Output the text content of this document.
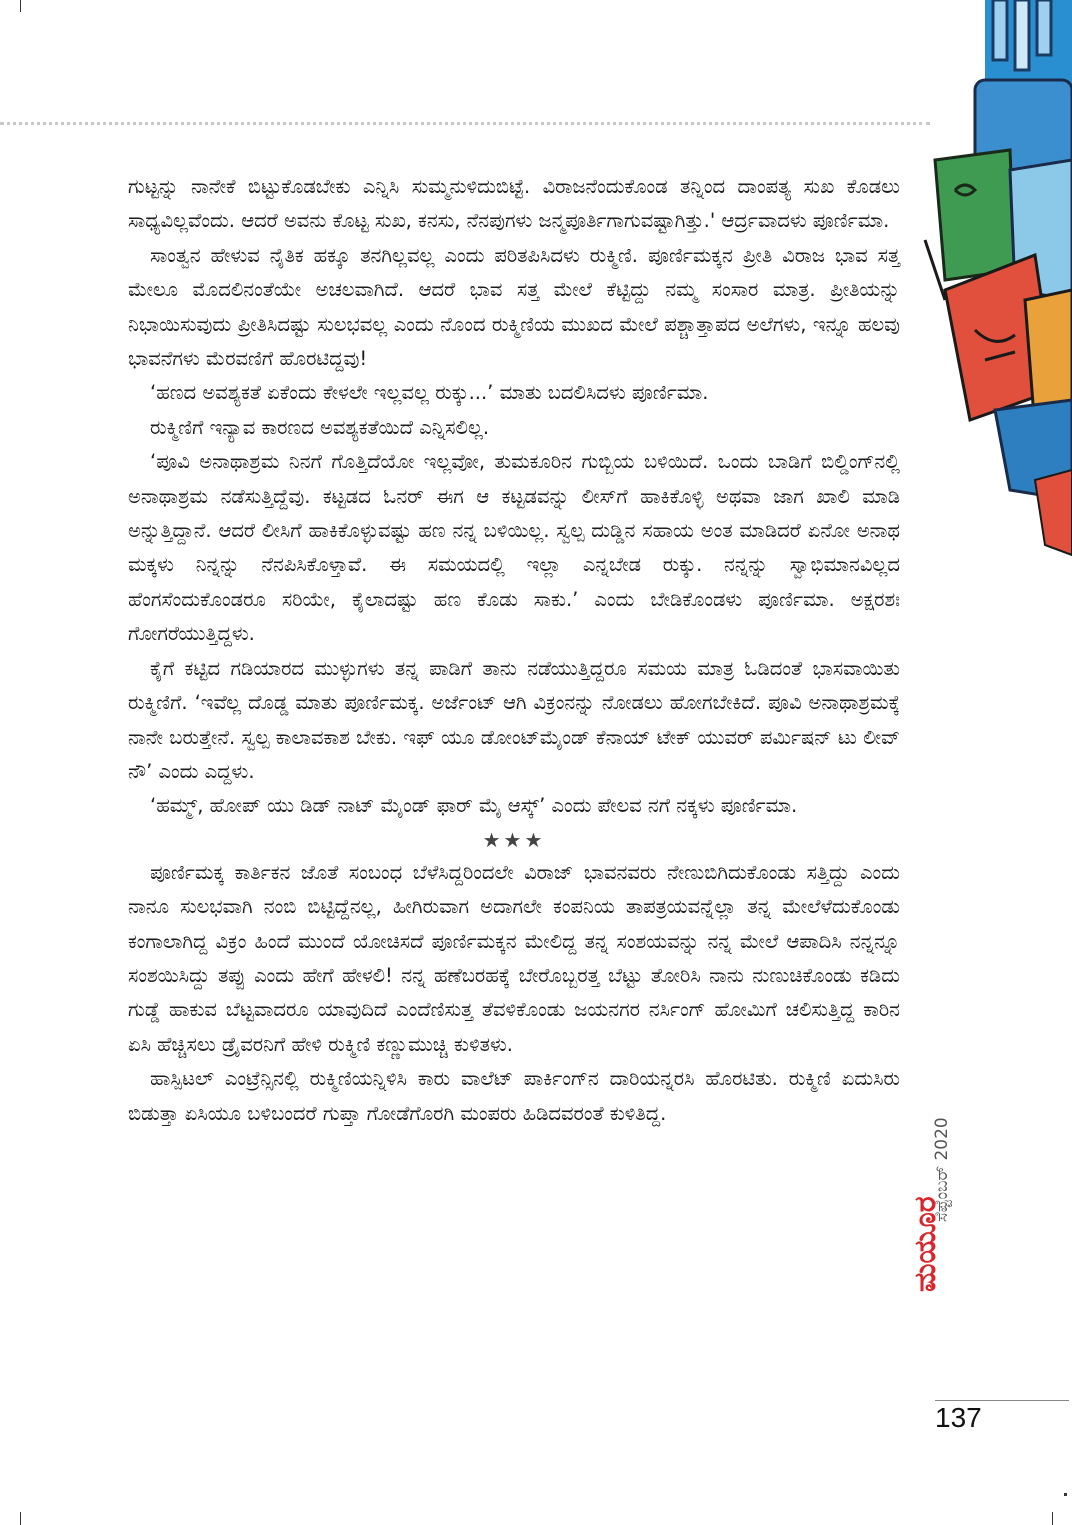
ಗುಟ್ಟನ್ನು ನಾನೇಕೆ ಬಿಟ್ಟುಕೊಡಬೇಕು ಎನ್ನಿಸಿ ಸುಮ್ಮನುಳಿದುಬಿಟ್ಟೆ. ವಿರಾಜನೆಂದುಕೊಂಡ ತನ್ನಿಂದ ದಾಂಪತ್ಯ ಸುಖ ಕೊಡಲು ಸಾಧ್ಯವಿಲ್ಲವೆಂದು. ಆದರೆ ಅವನು ಕೊಟ್ಟ ಸುಖ, ಕನಸು, ನೆನಪುಗಳು ಜನ್ಮಪೂರ್ತಿಗಾಗುವಷ್ಟಾಗಿತ್ತು.' ಆರ್ದ್ರವಾದಳು ಪೂರ್ಣಿಮಾ.

ಸಾಂತ್ವನ ಹೇಳುವ ನೈತಿಕ ಹಕ್ಕೂ ತನಗಿಲ್ಲವಲ್ಲ ಎಂದು ಪರಿತಪಿಸಿದಳು ರುಕ್ಮಿಣಿ. ಪೂರ್ಣಿಮಕ್ಕನ ಪ್ರೀತಿ ವಿರಾಜ ಭಾವ ಸತ್ತ ಮೇಲೂ ಮೊದಲಿನಂತೆಯೇ ಅಚಲವಾಗಿದೆ. ಆದರೆ ಭಾವ ಸತ್ತ ಮೇಲೆ ಕೆಟ್ಟಿದ್ದು ನಮ್ಮ ಸಂಸಾರ ಮಾತ್ರ. ಪ್ರೀತಿಯನ್ನು ನಿಭಾಯಿಸುವುದು ಪ್ರೀತಿಸಿದಷ್ಟು ಸುಲಭವಲ್ಲ ಎಂದು ನೊಂದ ರುಕ್ಮಿಣಿಯ ಮುಖದ ಮೇಲೆ ಪಶ್ಚಾತ್ತಾಪದ ಅಲೆಗಳು, ಇನ್ನೂ ಹಲವು ಭಾವನೆಗಳು ಮೆರವಣಿಗೆ ಹೊರಟಿದ್ದವು!

‘ಹಣದ ಅವಶ್ಯಕತೆ ಏಕೆಂದು ಕೇಳಲೇ ಇಲ್ಲವಲ್ಲ ರುಕ್ಕು...’ ಮಾತು ಬದಲಿಸಿದಳು ಪೂರ್ಣಿಮಾ.

ರುಕ್ಮಿಣಿಗೆ ಇನ್ಯಾವ ಕಾರಣದ ಅವಶ್ಯಕತೆಯಿದೆ ಎನ್ನಿಸಲಿಲ್ಲ.

‘ಪೂವಿ ಅನಾಥಾಶ್ರಮ ನಿನಗೆ ಗೊತ್ತಿದೆಯೋ ಇಲ್ಲವೋ, ತುಮಕೂರಿನ ಗುಬ್ಬಿಯ ಬಳಿಯಿದೆ. ಒಂದು ಬಾಡಿಗೆ ಬಿಲ್ಡಿಂಗ್‌ನಲ್ಲಿ ಅನಾಥಾಶ್ರಮ ನಡೆಸುತ್ತಿದ್ದೆವು. ಕಟ್ಟಡದ ಓನರ್ ಈಗ ಆ ಕಟ್ಟಡವನ್ನು ಲೀಸ್‌ಗೆ ಹಾಕಿಕೊಳ್ಳಿ ಅಥವಾ ಜಾಗ ಖಾಲಿ ಮಾಡಿ ಅನ್ನುತ್ತಿದ್ದಾನೆ. ಆದರೆ ಲೀಸಿಗೆ ಹಾಕಿಕೊಳ್ಳುವಷ್ಟು ಹಣ ನನ್ನ ಬಳಿಯಿಲ್ಲ. ಸ್ವಲ್ಪ ದುಡ್ಡಿನ ಸಹಾಯ ಅಂತ ಮಾಡಿದರೆ ಏನೋ ಅನಾಥ ಮಕ್ಕಳು ನಿನ್ನನ್ನು ನೆನಪಿಸಿಕೊಳ್ತಾವೆ. ಈ ಸಮಯದಲ್ಲಿ ಇಲ್ಲಾ ಎನ್ನಬೇಡ ರುಕ್ಕು. ನನ್ನನ್ನು ಸ್ವಾಭಿಮಾನವಿಲ್ಲದ ಹೆಂಗಸೆಂದುಕೊಂಡರೂ ಸರಿಯೇ, ಕೈಲಾದಷ್ಟು ಹಣ ಕೊಡು ಸಾಕು.’ ಎಂದು ಬೇಡಿಕೊಂಡಳು ಪೂರ್ಣಿಮಾ. ಅಕ್ಷರಶಃ ಗೋಗರೆಯುತ್ತಿದ್ದಳು.

ಕೈಗೆ ಕಟ್ಟಿದ ಗಡಿಯಾರದ ಮುಳ್ಳುಗಳು ತನ್ನ ಪಾಡಿಗೆ ತಾನು ನಡೆಯುತ್ತಿದ್ದರೂ ಸಮಯ ಮಾತ್ರ ಓಡಿದಂತೆ ಭಾಸವಾಯಿತು ರುಕ್ಮಿಣಿಗೆ. ‘ಇವೆಲ್ಲ ದೊಡ್ಡ ಮಾತು ಪೂರ್ಣಿಮಕ್ಕ. ಅರ್ಜೆಂಟ್ ಆಗಿ ವಿಕ್ರಂನನ್ನು ನೋಡಲು ಹೋಗಬೇಕಿದೆ. ಪೂವಿ ಅನಾಥಾಶ್ರಮಕ್ಕೆ ನಾನೇ ಬರುತ್ತೇನೆ. ಸ್ವಲ್ಪ ಕಾಲಾವಕಾಶ ಬೇಕು. ಇಫ್ ಯೂ ಡೋಂಟ್‌ಮೈಂಡ್ ಕೆನಾಯ್ ಟೇಕ್ ಯುವರ್ ಪರ್ಮಿಷನ್ ಟು ಲೀವ್ ನೌ’ ಎಂದು ಎದ್ದಳು.

‘ಹಮ್ಮ್, ಹೋಪ್ ಯು ಡಿಡ್ ನಾಟ್ ಮೈಂಡ್ ಫಾರ್ ಮೈ ಆಸ್ಕ್’ ಎಂದು ಪೇಲವ ನಗೆ ನಕ್ಕಳು ಪೂರ್ಣಿಮಾ.

★★★

ಪೂರ್ಣಿಮಕ್ಕ ಕಾರ್ತಿಕನ ಜೊತೆ ಸಂಬಂಧ ಬೆಳೆಸಿದ್ದರಿಂದಲೇ ವಿರಾಜ್ ಭಾವನವರು ನೇಣುಬಿಗಿದುಕೊಂಡು ಸತ್ತಿದ್ದು ಎಂದು ನಾನೂ ಸುಲಭವಾಗಿ ನಂಬಿ ಬಿಟ್ಟಿದ್ದೆನಲ್ಲ, ಹೀಗಿರುವಾಗ ಅದಾಗಲೇ ಕಂಪನಿಯ ತಾಪತ್ರಯವನ್ನೆಲ್ಲಾ ತನ್ನ ಮೇಲೆಳೆದುಕೊಂಡು ಕಂಗಾಲಾಗಿದ್ದ ವಿಕ್ರಂ ಹಿಂದೆ ಮುಂದೆ ಯೋಚಿಸದೆ ಪೂರ್ಣಿಮಕ್ಕನ ಮೇಲಿದ್ದ ತನ್ನ ಸಂಶಯವನ್ನು ನನ್ನ ಮೇಲೆ ಆಪಾದಿಸಿ ನನ್ನನ್ನೂ ಸಂಶಯಿಸಿದ್ದು ತಪ್ಪು ಎಂದು ಹೇಗೆ ಹೇಳಲಿ! ನನ್ನ ಹಣೆಬರಹಕ್ಕೆ ಬೇರೊಬ್ಬರತ್ತ ಬೆಟ್ಟು ತೋರಿಸಿ ನಾನು ನುಣುಚಿಕೊಂಡು ಕಡಿದು ಗುಡ್ಡೆ ಹಾಕುವ ಬೆಟ್ಟವಾದರೂ ಯಾವುದಿದೆ ಎಂದೆಣಿಸುತ್ತ ತೆವಳಿಕೊಂಡು ಜಯನಗರ ನರ್ಸಿಂಗ್ ಹೋಮಿಗೆ ಚಲಿಸುತ್ತಿದ್ದ ಕಾರಿನ ಏಸಿ ಹೆಚ್ಚಿಸಲು ಡ್ರೈವರನಿಗೆ ಹೇಳಿ ರುಕ್ಮಿಣಿ ಕಣ್ಣುಮುಚ್ಚಿ ಕುಳಿತಳು.

ಹಾಸ್ಪಿಟಲ್ ಎಂಟ್ರೆನ್ಸಿನಲ್ಲಿ ರುಕ್ಮಿಣಿಯನ್ನಿಳಿಸಿ ಕಾರು ವಾಲೆಟ್ ಪಾರ್ಕಿಂಗ್‌ನ ದಾರಿಯನ್ನರಸಿ ಹೊರಟಿತು. ರುಕ್ಮಿಣಿ ಏದುಸಿರು ಬಿಡುತ್ತಾ ಏಸಿಯೂ ಬಳಿಬಂದರೆ ಗುಪ್ತಾ ಗೋಡೆಗೊರಗಿ ಮಂಪರು ಹಿಡಿದವರಂತೆ ಕುಳಿತಿದ್ದ.

ಸೆಪ್ಟೆಂಬರ್ 2020
ಮಯೂರ
137
